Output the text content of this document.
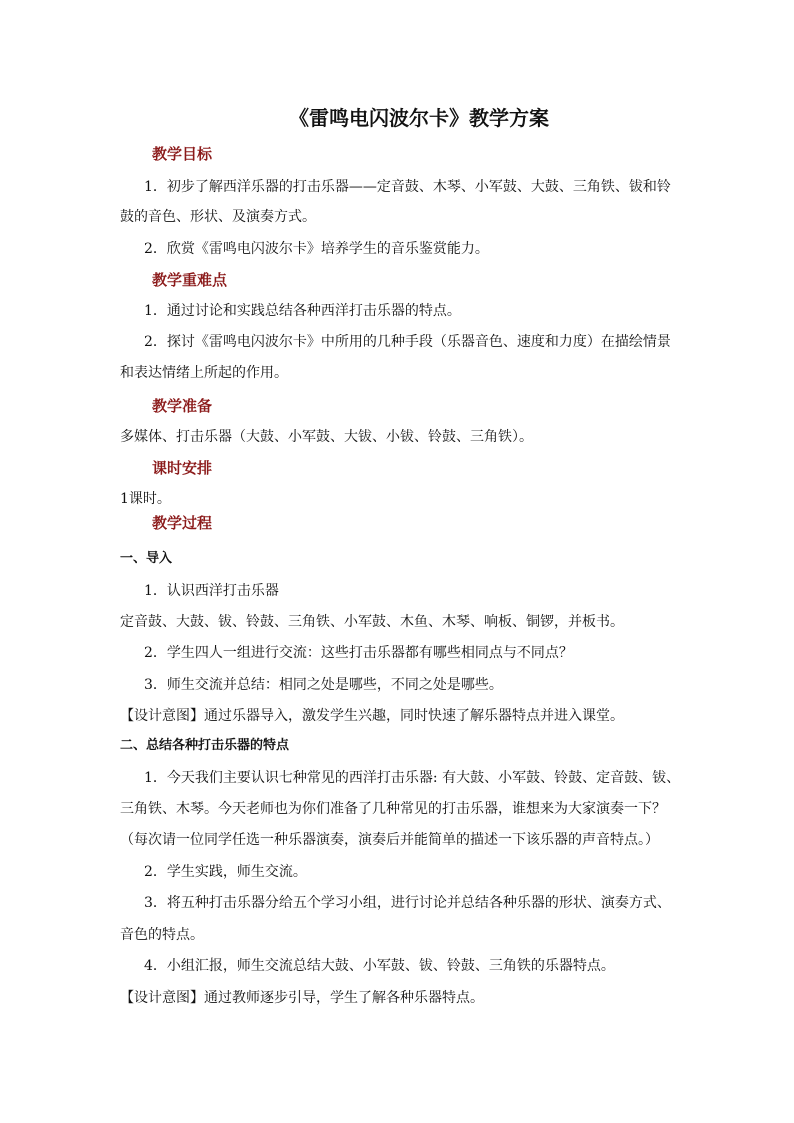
《雷鸣电闪波尔卡》教学方案
教学目标
1．初步了解西洋乐器的打击乐器——定音鼓、木琴、小军鼓、大鼓、三角铁、钹和铃
鼓的音色、形状、及演奏方式。
2．欣赏《雷鸣电闪波尔卡》培养学生的音乐鉴赏能力。
教学重难点
1．通过讨论和实践总结各种西洋打击乐器的特点。
2．探讨《雷鸣电闪波尔卡》中所用的几种手段（乐器音色、速度和力度）在描绘情景
和表达情绪上所起的作用。
教学准备
多媒体、打击乐器（大鼓、小军鼓、大钹、小钹、铃鼓、三角铁）。
课时安排
1课时。
教学过程
一、导入
1．认识西洋打击乐器
定音鼓、大鼓、钹、铃鼓、三角铁、小军鼓、木鱼、木琴、响板、铜锣，并板书。
2．学生四人一组进行交流：这些打击乐器都有哪些相同点与不同点？
3．师生交流并总结：相同之处是哪些，不同之处是哪些。
【设计意图】通过乐器导入，激发学生兴趣，同时快速了解乐器特点并进入课堂。
二、总结各种打击乐器的特点
1．今天我们主要认识七种常见的西洋打击乐器: 有大鼓、小军鼓、铃鼓、定音鼓、钹、
三角铁、木琴。今天老师也为你们准备了几种常见的打击乐器，谁想来为大家演奏一下？
（每次请一位同学任选一种乐器演奏，演奏后并能简单的描述一下该乐器的声音特点。）
2．学生实践，师生交流。
3．将五种打击乐器分给五个学习小组，进行讨论并总结各种乐器的形状、演奏方式、
音色的特点。
4．小组汇报，师生交流总结大鼓、小军鼓、钹、铃鼓、三角铁的乐器特点。
【设计意图】通过教师逐步引导，学生了解各种乐器特点。
